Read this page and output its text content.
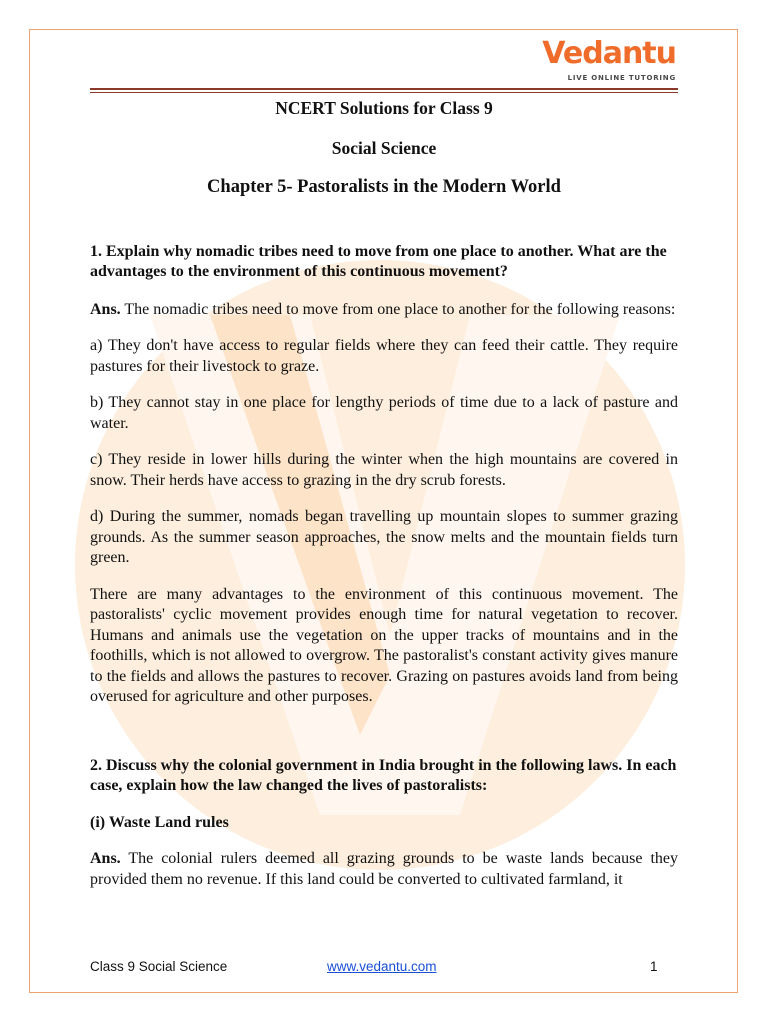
Vedantu
LIVE ONLINE TUTORING

NCERT Solutions for Class 9

Social Science

Chapter 5- Pastoralists in the Modern World

1. Explain why nomadic tribes need to move from one place to another. What are the advantages to the environment of this continuous movement?

Ans. The nomadic tribes need to move from one place to another for the following reasons:

a) They don't have access to regular fields where they can feed their cattle. They require pastures for their livestock to graze.

b) They cannot stay in one place for lengthy periods of time due to a lack of pasture and water.

c) They reside in lower hills during the winter when the high mountains are covered in snow. Their herds have access to grazing in the dry scrub forests.

d) During the summer, nomads began travelling up mountain slopes to summer grazing grounds. As the summer season approaches, the snow melts and the mountain fields turn green.

There are many advantages to the environment of this continuous movement. The pastoralists' cyclic movement provides enough time for natural vegetation to recover. Humans and animals use the vegetation on the upper tracks of mountains and in the foothills, which is not allowed to overgrow. The pastoralist's constant activity gives manure to the fields and allows the pastures to recover. Grazing on pastures avoids land from being overused for agriculture and other purposes.

2. Discuss why the colonial government in India brought in the following laws. In each case, explain how the law changed the lives of pastoralists:

(i) Waste Land rules

Ans. The colonial rulers deemed all grazing grounds to be waste lands because they provided them no revenue. If this land could be converted to cultivated farmland, it

Class 9 Social Science	www.vedantu.com	1
